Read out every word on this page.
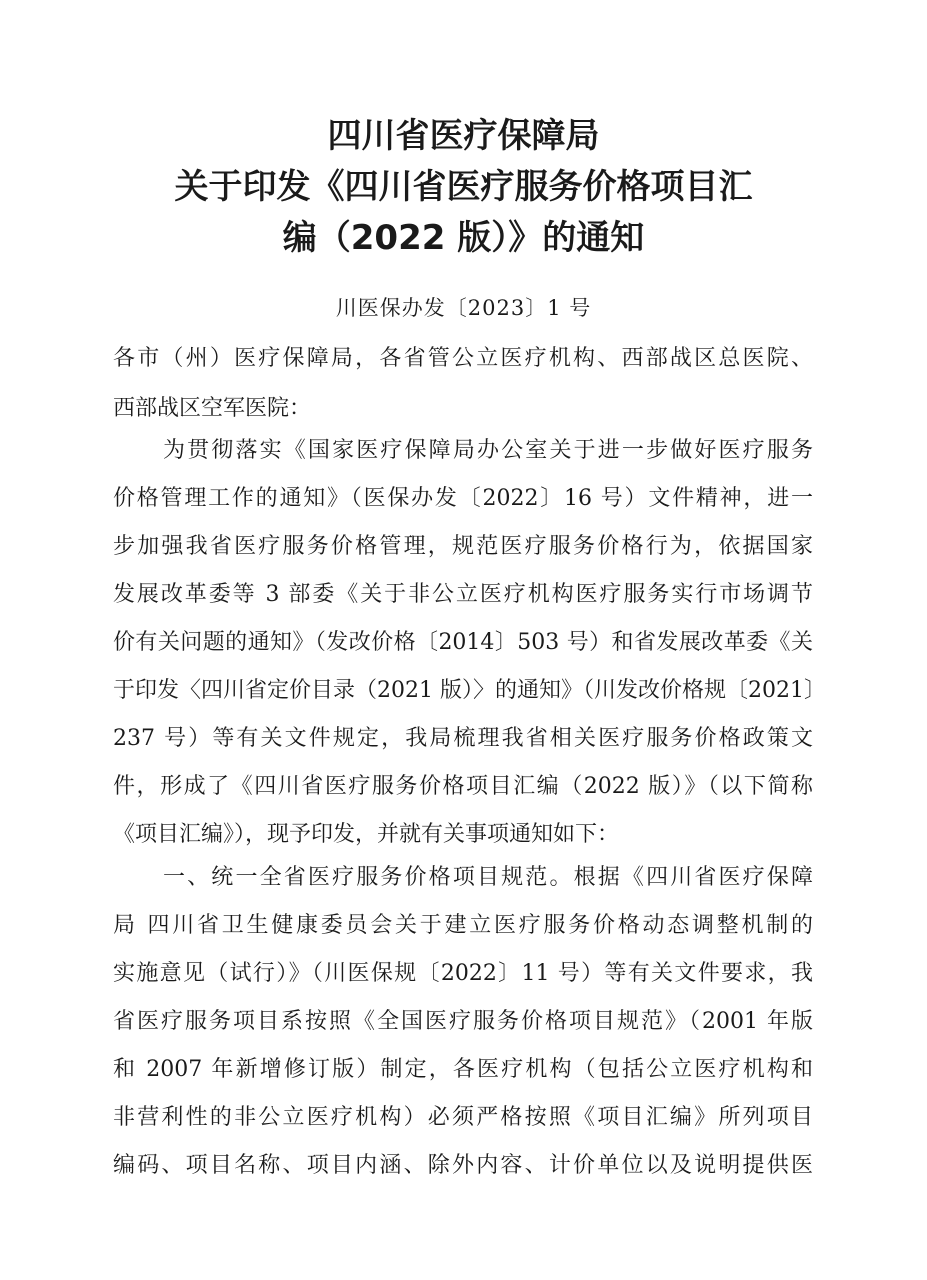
四川省医疗保障局
关于印发《四川省医疗服务价格项目汇
编（2022 版）》的通知
川医保办发〔2023〕1 号
各市（州）医疗保障局，各省管公立医疗机构、西部战区总医院、
西部战区空军医院：
为贯彻落实《国家医疗保障局办公室关于进一步做好医疗服务
价格管理工作的通知》（医保办发〔2022〕16 号）文件精神，进一
步加强我省医疗服务价格管理，规范医疗服务价格行为，依据国家
发展改革委等 3 部委《关于非公立医疗机构医疗服务实行市场调节
价有关问题的通知》（发改价格〔2014〕503 号）和省发展改革委《关
于印发〈四川省定价目录（2021 版）〉的通知》（川发改价格规〔2021〕
237 号）等有关文件规定，我局梳理我省相关医疗服务价格政策文
件，形成了《四川省医疗服务价格项目汇编（2022 版）》（以下简称
《项目汇编》），现予印发，并就有关事项通知如下：
一、统一全省医疗服务价格项目规范。根据《四川省医疗保障
局 四川省卫生健康委员会关于建立医疗服务价格动态调整机制的
实施意见（试行）》（川医保规〔2022〕11 号）等有关文件要求，我
省医疗服务项目系按照《全国医疗服务价格项目规范》（2001 年版
和 2007 年新增修订版）制定，各医疗机构（包括公立医疗机构和
非营利性的非公立医疗机构）必须严格按照《项目汇编》所列项目
编码、项目名称、项目内涵、除外内容、计价单位以及说明提供医
